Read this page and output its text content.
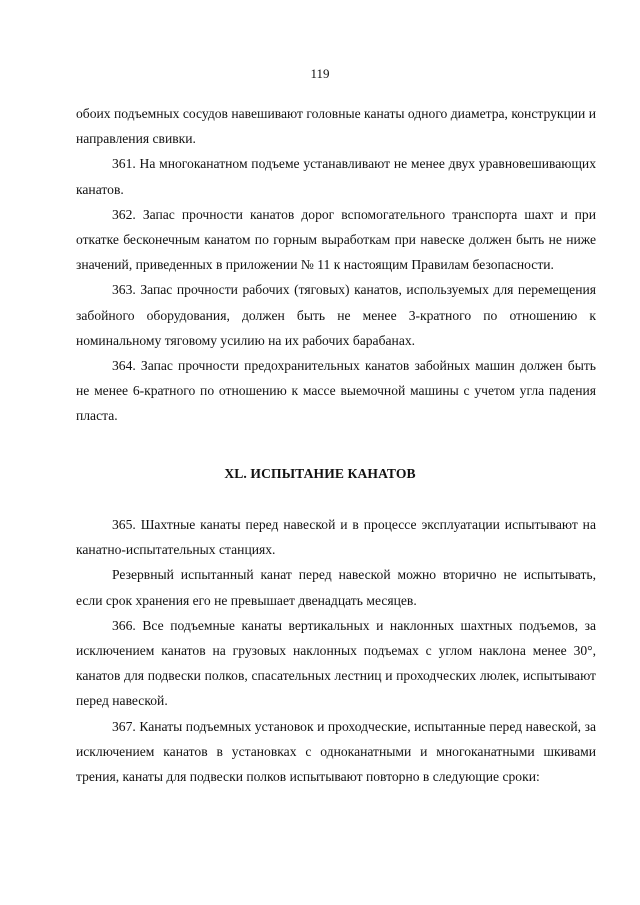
119

обоих подъемных сосудов навешивают головные канаты одного диаметра, конструкции и направления свивки.

361. На многоканатном подъеме устанавливают не менее двух уравновешивающих канатов.

362. Запас прочности канатов дорог вспомогательного транспорта шахт и при откатке бесконечным канатом по горным выработкам при навеске должен быть не ниже значений, приведенных в приложении № 11 к настоящим Правилам безопасности.

363. Запас прочности рабочих (тяговых) канатов, используемых для перемещения забойного оборудования, должен быть не менее 3-кратного по отношению к номинальному тяговому усилию на их рабочих барабанах.

364. Запас прочности предохранительных канатов забойных машин должен быть не менее 6-кратного по отношению к массе выемочной машины с учетом угла падения пласта.

XL. ИСПЫТАНИЕ КАНАТОВ

365. Шахтные канаты перед навеской и в процессе эксплуатации испытывают на канатно-испытательных станциях.

Резервный испытанный канат перед навеской можно вторично не испытывать, если срок хранения его не превышает двенадцать месяцев.

366. Все подъемные канаты вертикальных и наклонных шахтных подъемов, за исключением канатов на грузовых наклонных подъемах с углом наклона менее 30°, канатов для подвески полков, спасательных лестниц и проходческих люлек, испытывают перед навеской.

367. Канаты подъемных установок и проходческие, испытанные перед навеской, за исключением канатов в установках с одноканатными и многоканатными шкивами трения, канаты для подвески полков испытывают повторно в следующие сроки:
